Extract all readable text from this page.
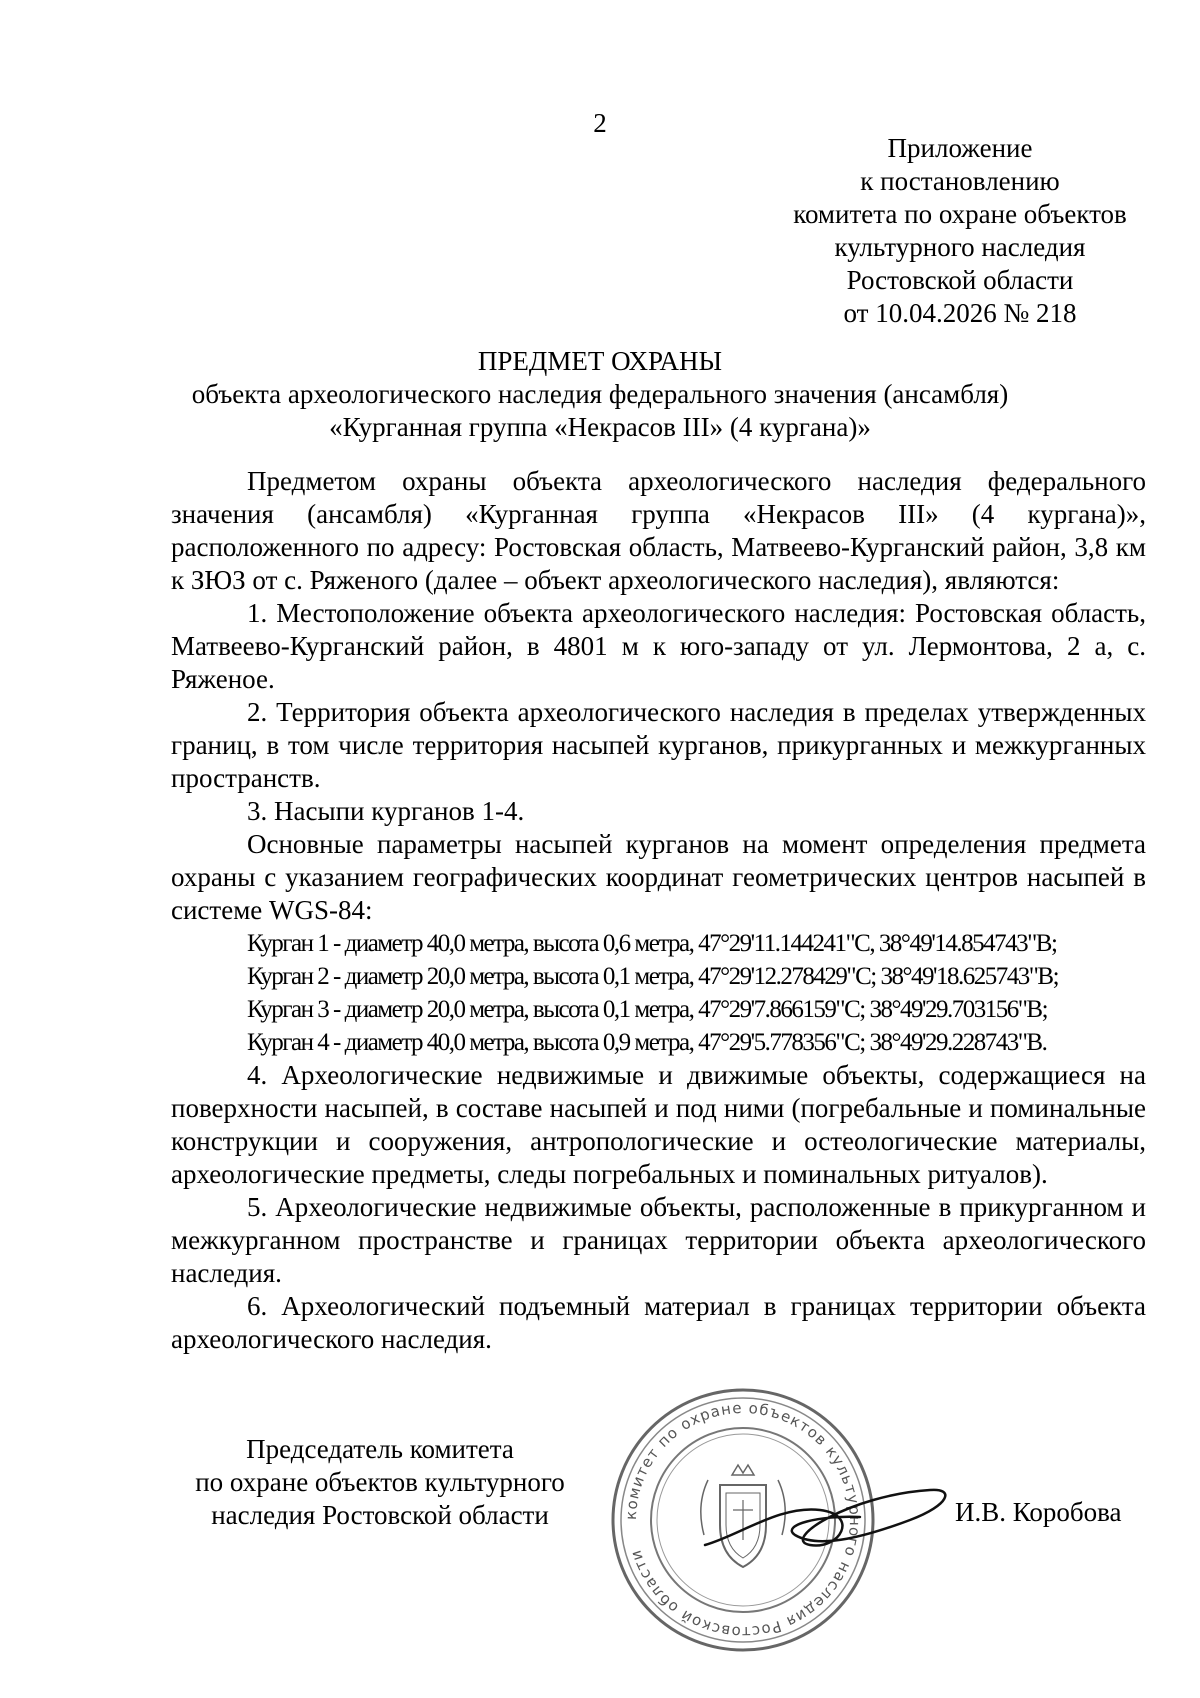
2
Приложение
к постановлению
комитета по охране объектов
культурного наследия
Ростовской области
от 10.04.2026 № 218
ПРЕДМЕТ ОХРАНЫ
объекта археологического наследия федерального значения (ансамбля)
«Курганная группа «Некрасов III» (4 кургана)»

Предметом охраны объекта археологического наследия федерального значения (ансамбля) «Курганная группа «Некрасов III» (4 кургана)», расположенного по адресу: Ростовская область, Матвеево-Курганский район, 3,8 км к ЗЮЗ от с. Ряженого (далее – объект археологического наследия), являются:

1. Местоположение объекта археологического наследия: Ростовская область, Матвеево-Курганский район, в 4801 м к юго-западу от ул. Лермонтова, 2 а, с. Ряженое.

2. Территория объекта археологического наследия в пределах утвержденных границ, в том числе территория насыпей курганов, прикурганных и межкурганных пространств.

3. Насыпи курганов 1-4.

Основные параметры насыпей курганов на момент определения предмета охраны с указанием географических координат геометрических центров насыпей в системе WGS-84:

Курган 1 - диаметр 40,0 метра, высота 0,6 метра, 47°29'11.144241"С, 38°49'14.854743"В;
Курган 2 - диаметр 20,0 метра, высота 0,1 метра, 47°29'12.278429"С; 38°49'18.625743"В;
Курган 3 - диаметр 20,0 метра, высота 0,1 метра, 47°29'7.866159"С; 38°49'29.703156"В;
Курган 4 - диаметр 40,0 метра, высота 0,9 метра, 47°29'5.778356"С; 38°49'29.228743"В.

4. Археологические недвижимые и движимые объекты, содержащиеся на поверхности насыпей, в составе насыпей и под ними (погребальные и поминальные конструкции и сооружения, антропологические и остеологические материалы, археологические предметы, следы погребальных и поминальных ритуалов).

5. Археологические недвижимые объекты, расположенные в прикурганном и межкурганном пространстве и границах территории объекта археологического наследия.

6. Археологический подъемный материал в границах территории объекта археологического наследия.

Председатель комитета
по охране объектов культурного
наследия Ростовской области	комитет по охране объектов культурного наследия Ростовской области
И.В. Коробова
